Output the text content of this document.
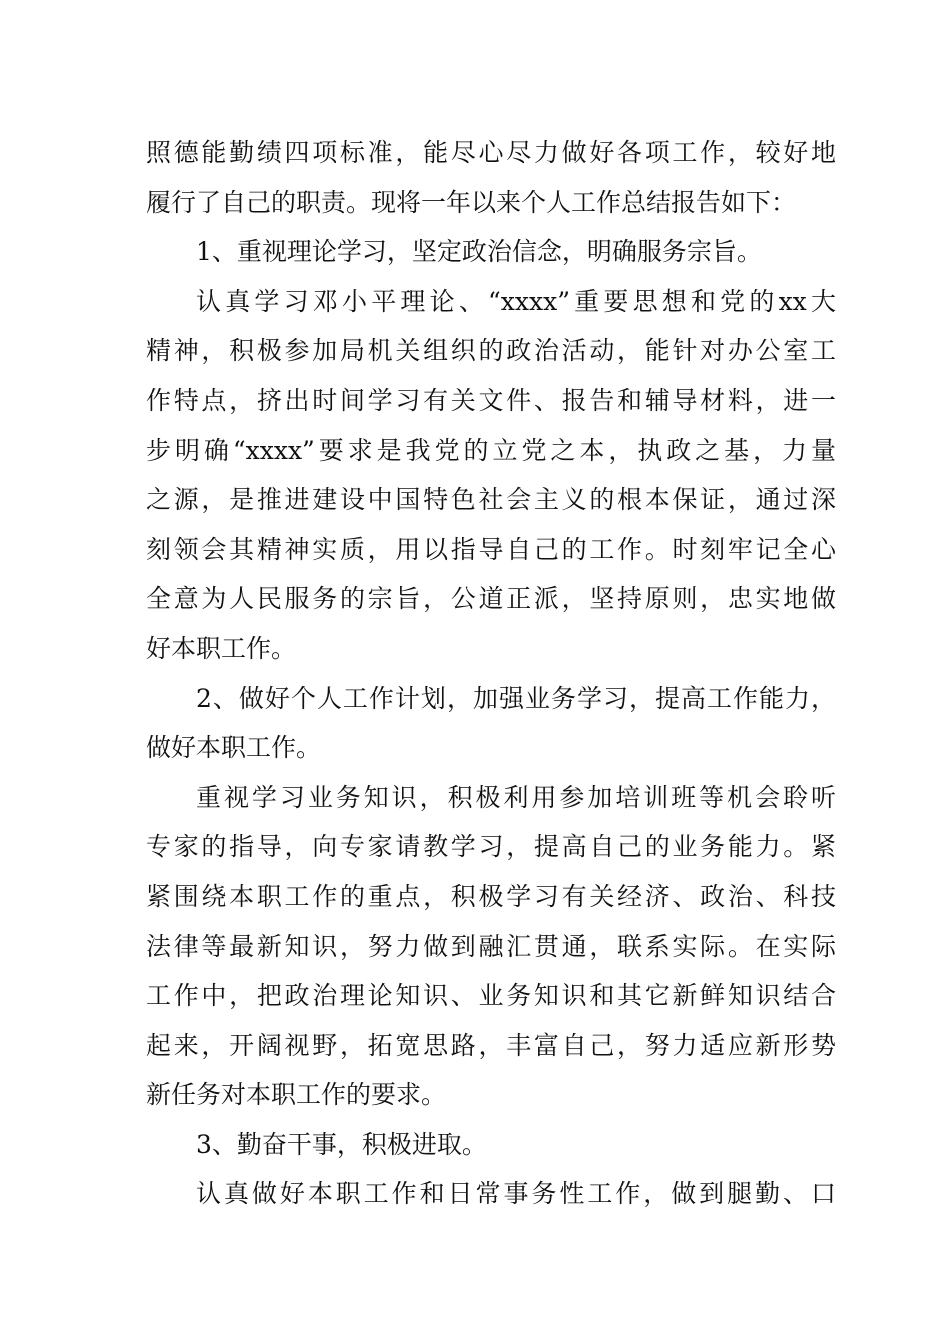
照德能勤绩四项标准，能尽心尽力做好各项工作，较好地
履行了自己的职责。现将一年以来个人工作总结报告如下：
1、重视理论学习，坚定政治信念，明确服务宗旨。
认真学习邓小平理论、“xxxx”重要思想和党的xx大
精神，积极参加局机关组织的政治活动，能针对办公室工
作特点，挤出时间学习有关文件、报告和辅导材料，进一
步明确“xxxx”要求是我党的立党之本，执政之基，力量
之源，是推进建设中国特色社会主义的根本保证，通过深
刻领会其精神实质，用以指导自己的工作。时刻牢记全心
全意为人民服务的宗旨，公道正派，坚持原则，忠实地做
好本职工作。
2、做好个人工作计划，加强业务学习，提高工作能力，
做好本职工作。
重视学习业务知识，积极利用参加培训班等机会聆听
专家的指导，向专家请教学习，提高自己的业务能力。紧
紧围绕本职工作的重点，积极学习有关经济、政治、科技
法律等最新知识，努力做到融汇贯通，联系实际。在实际
工作中，把政治理论知识、业务知识和其它新鲜知识结合
起来，开阔视野，拓宽思路，丰富自己，努力适应新形势
新任务对本职工作的要求。
3、勤奋干事，积极进取。
认真做好本职工作和日常事务性工作，做到腿勤、口
